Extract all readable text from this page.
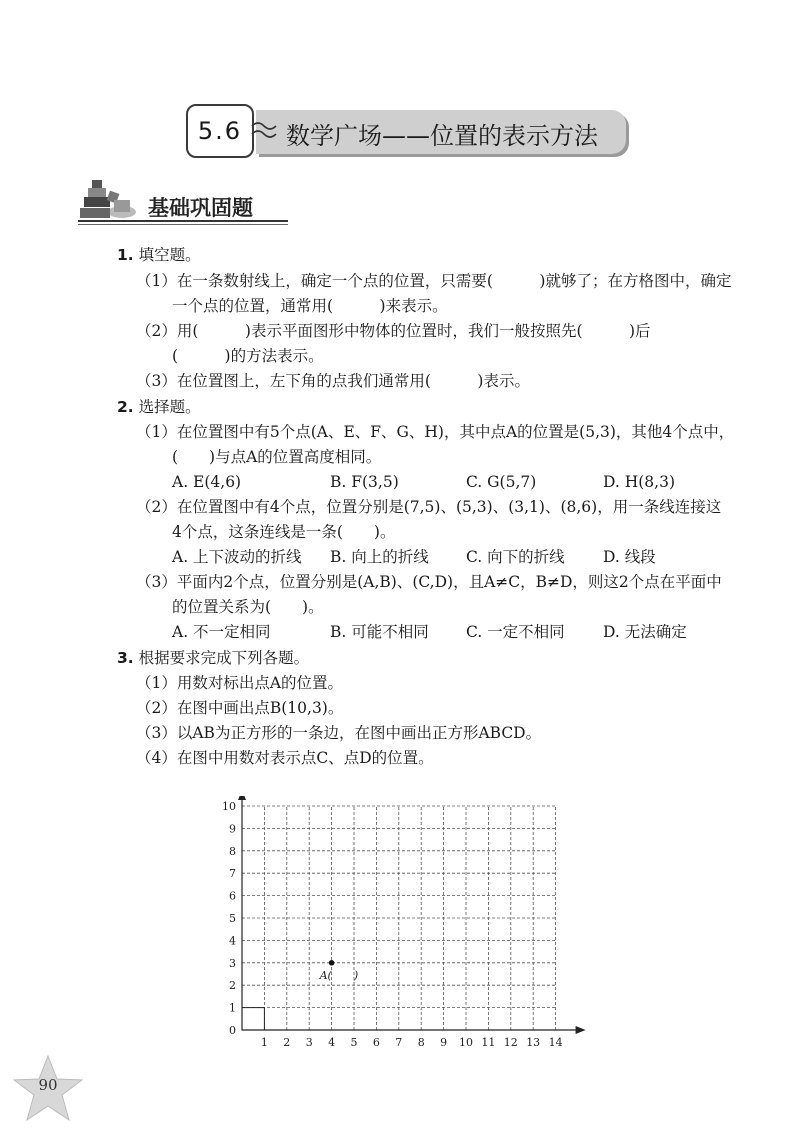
5.6	数学广场——位置的表示方法
基础巩固题
1. 填空题。
（1）在一条数射线上，确定一个点的位置，只需要(　　　)就够了；在方格图中，确定
一个点的位置，通常用(　　　)来表示。
（2）用(　　　)表示平面图形中物体的位置时，我们一般按照先(　　　)后
(　　　)的方法表示。
（3）在位置图上，左下角的点我们通常用(　　　)表示。
2. 选择题。
（1）在位置图中有5个点(A、E、F、G、H)，其中点A的位置是(5,3)，其他4个点中，
(　　)与点A的位置高度相同。
A. E(4,6)	B. F(3,5)	C. G(5,7)	D. H(8,3)
（2）在位置图中有4个点，位置分别是(7,5)、(5,3)、(3,1)、(8,6)，用一条线连接这
4个点，这条连线是一条(　　)。
A. 上下波动的折线 B. 向上的折线 C. 向下的折线 D. 线段
（3）平面内2个点，位置分别是(A,B)、(C,D)，且A≠C，B≠D，则这2个点在平面中
的位置关系为(　　)。
A. 不一定相同	B. 可能不相同 C. 一定不相同 D. 无法确定
3. 根据要求完成下列各题。
（1）用数对标出点A的位置。
（2）在图中画出点B(10,3)。
（3）以AB为正方形的一条边，在图中画出正方形ABCD。
（4）在图中用数对表示点C、点D的位置。
1 2 3 4 5 6 7 8 9 10 11 12 13 14
0
1
2
3
4
5
6
7
8
9
10
A(　　)
90
